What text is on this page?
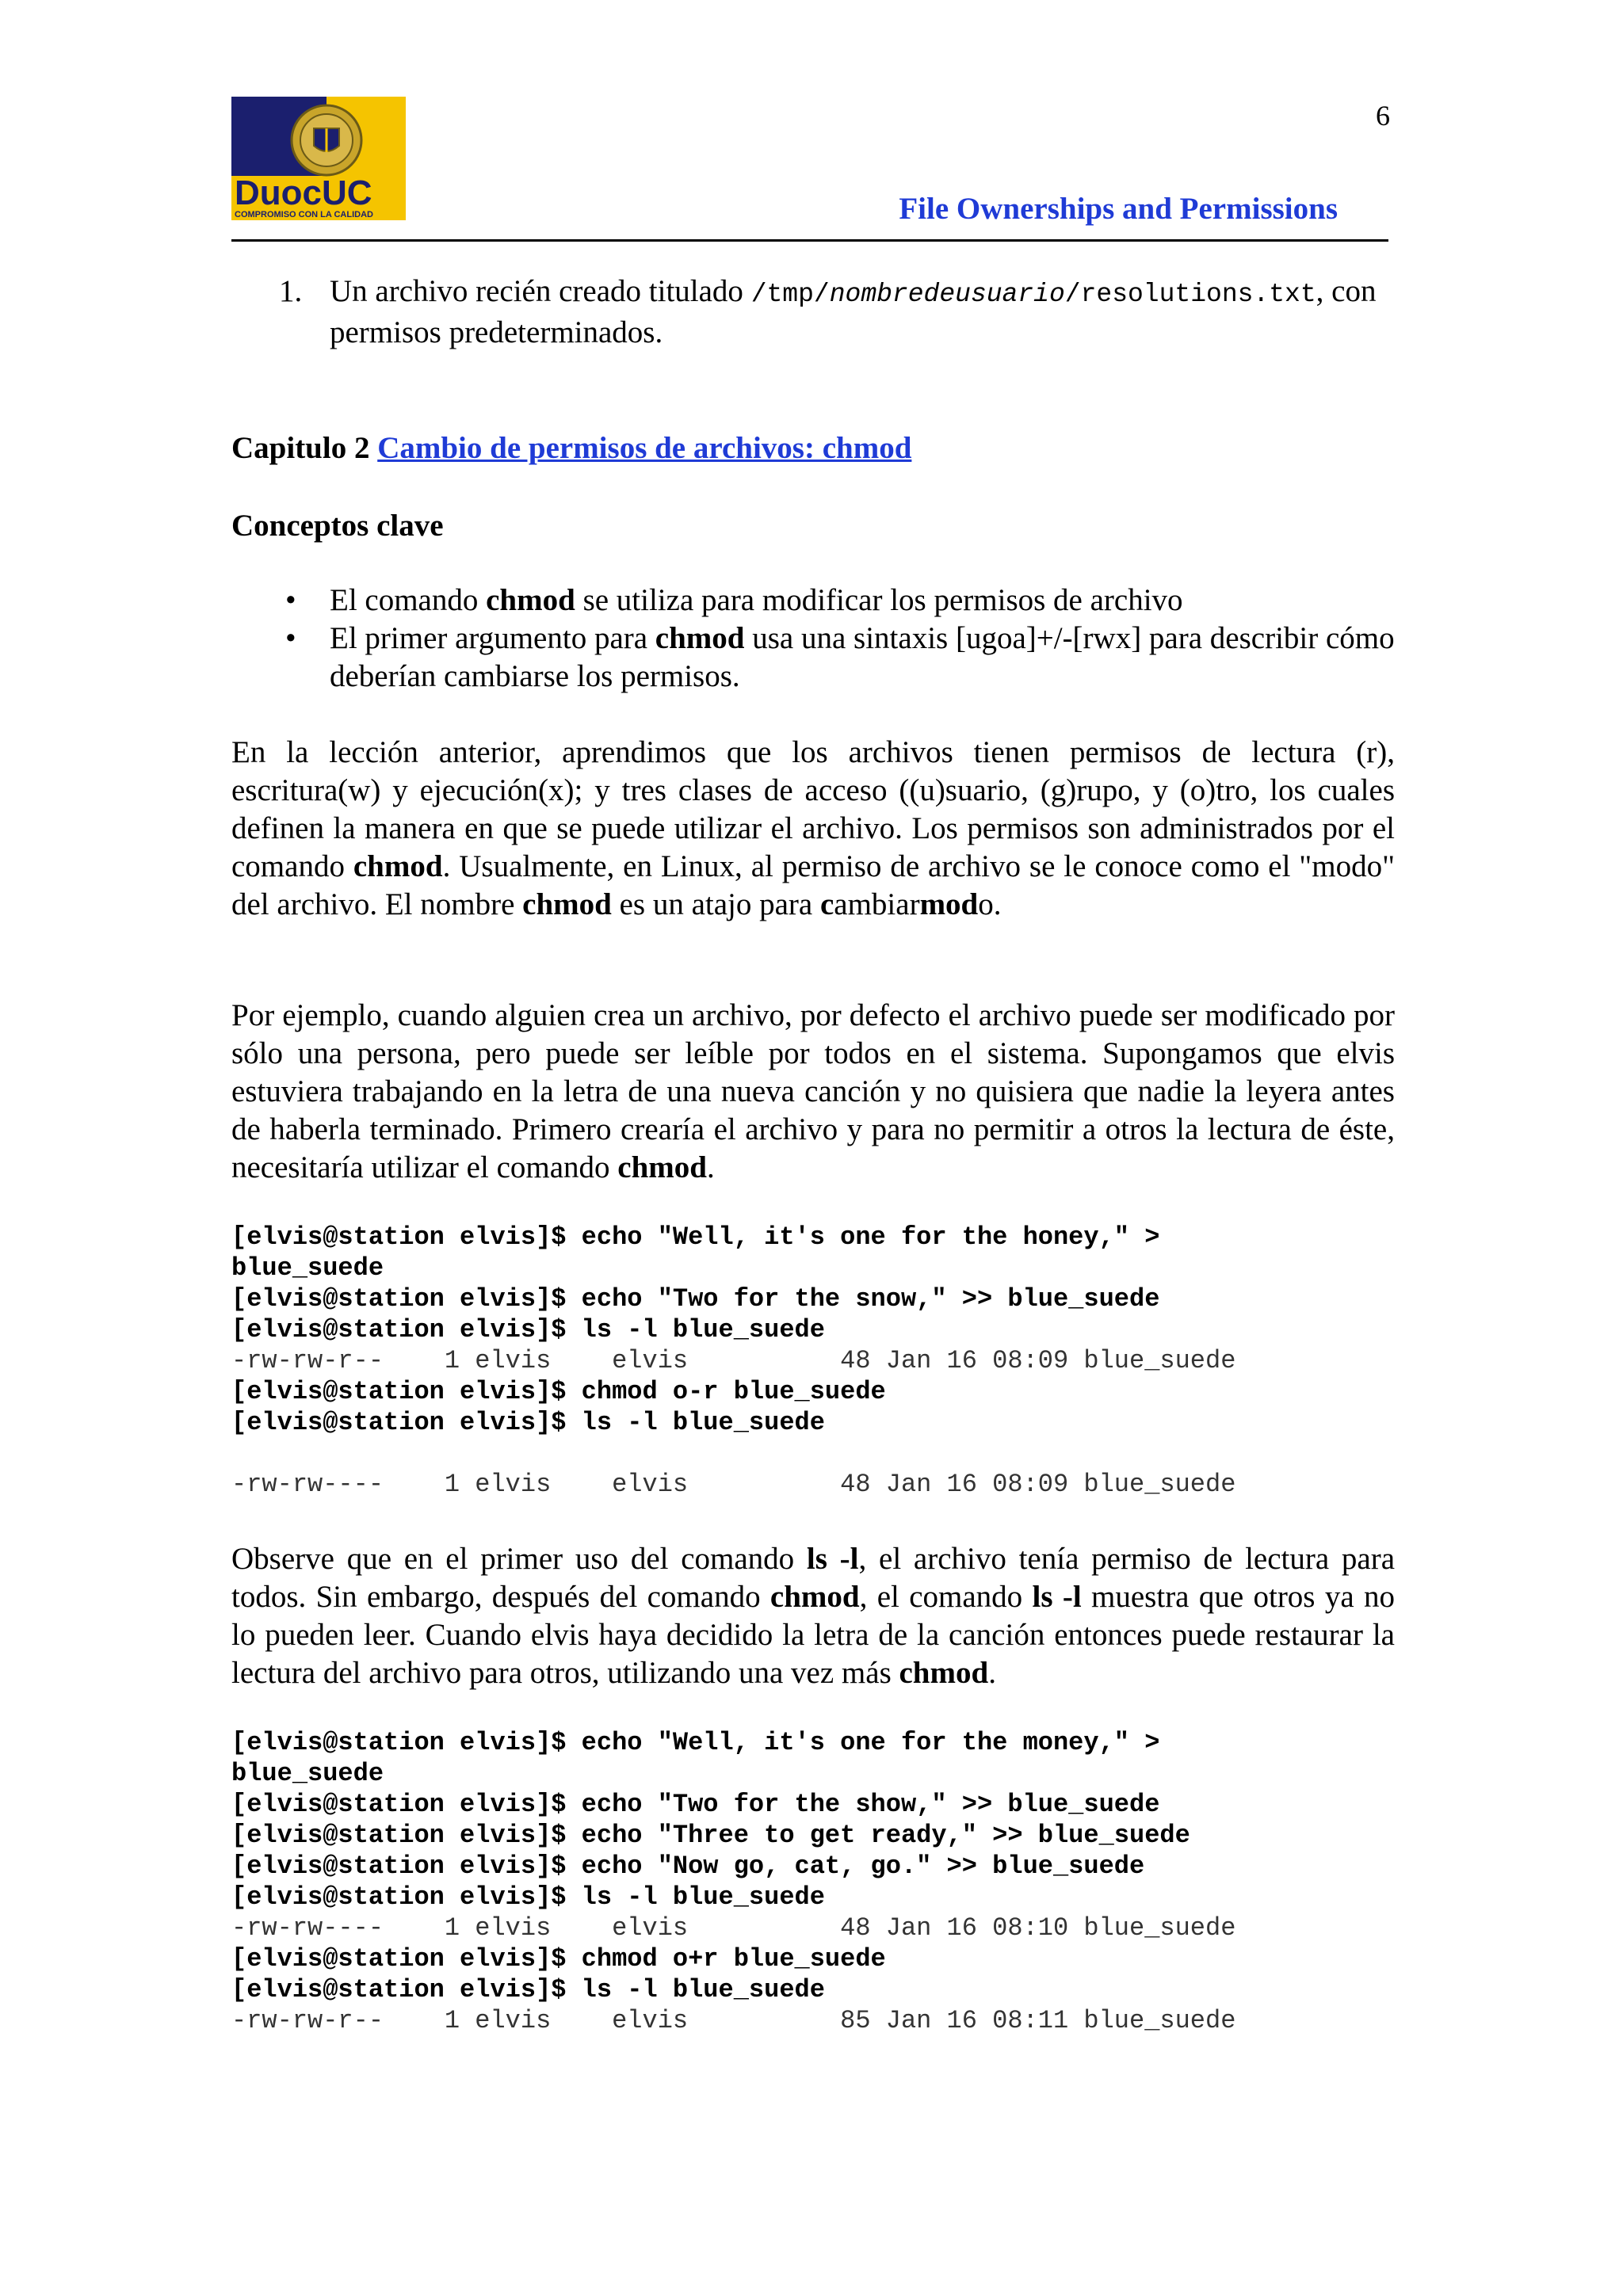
DuocUC
COMPROMISO CON LA CALIDAD
6
File Ownerships and Permissions
1. Un archivo recién creado titulado /tmp/nombredeusuario/resolutions.txt, con permisos predeterminados.
Capitulo 2 Cambio de permisos de archivos: chmod
Conceptos clave
• El comando chmod se utiliza para modificar los permisos de archivo
• El primer argumento para chmod usa una sintaxis [ugoa]+/-[rwx] para describir cómo deberían cambiarse los permisos.

En la lección anterior, aprendimos que los archivos tienen permisos de lectura (r), escritura(w) y ejecución(x); y tres clases de acceso ((u)suario, (g)rupo, y (o)tro, los cuales definen la manera en que se puede utilizar el archivo. Los permisos son administrados por el comando chmod. Usualmente, en Linux, al permiso de archivo se le conoce como el "modo" del archivo. El nombre chmod es un atajo para cambiarmodo.

Por ejemplo, cuando alguien crea un archivo, por defecto el archivo puede ser modificado por sólo una persona, pero puede ser leíble por todos en el sistema. Supongamos que elvis estuviera trabajando en la letra de una nueva canción y no quisiera que nadie la leyera antes de haberla terminado. Primero crearía el archivo y para no permitir a otros la lectura de éste, necesitaría utilizar el comando chmod.

[elvis@station elvis]$ echo "Well, it's one for the honey," >
blue_suede
[elvis@station elvis]$ echo "Two for the snow," >> blue_suede
[elvis@station elvis]$ ls -l blue_suede
-rw-rw-r--    1 elvis    elvis          48 Jan 16 08:09 blue_suede
[elvis@station elvis]$ chmod o-r blue_suede
[elvis@station elvis]$ ls -l blue_suede

-rw-rw----    1 elvis    elvis          48 Jan 16 08:09 blue_suede

Observe que en el primer uso del comando ls -l, el archivo tenía permiso de lectura para todos. Sin embargo, después del comando chmod, el comando ls -l muestra que otros ya no lo pueden leer. Cuando elvis haya decidido la letra de la canción entonces puede restaurar la lectura del archivo para otros, utilizando una vez más chmod.

[elvis@station elvis]$ echo "Well, it's one for the money," >
blue_suede
[elvis@station elvis]$ echo "Two for the show," >> blue_suede
[elvis@station elvis]$ echo "Three to get ready," >> blue_suede
[elvis@station elvis]$ echo "Now go, cat, go." >> blue_suede
[elvis@station elvis]$ ls -l blue_suede
-rw-rw----    1 elvis    elvis          48 Jan 16 08:10 blue_suede
[elvis@station elvis]$ chmod o+r blue_suede
[elvis@station elvis]$ ls -l blue_suede
-rw-rw-r--    1 elvis    elvis          85 Jan 16 08:11 blue_suede
